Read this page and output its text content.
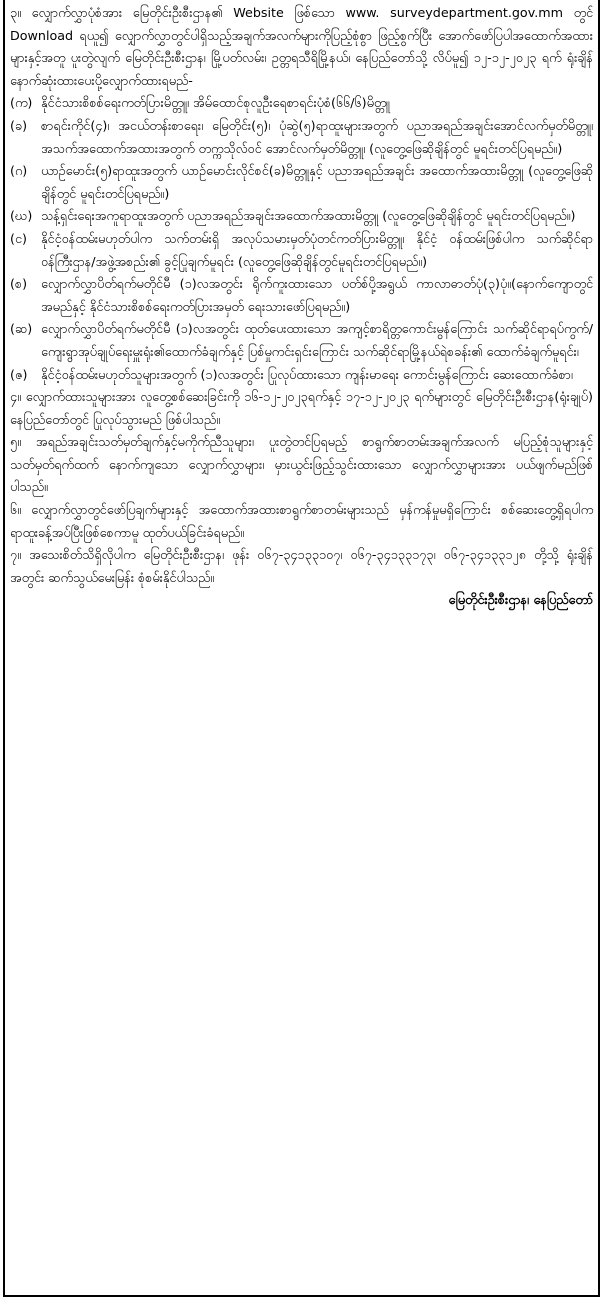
၃။ လျှောက်လွှာပုံစံအား မြေတိုင်းဦးစီးဌာန၏ Website ဖြစ်သော www. surveydepartment.gov.mm တွင် Download ရယူ၍ လျှောက်လွှာတွင်ပါရှိသည့်အချက်အလက်များကိုပြည့်စုံစွာ ဖြည့်စွက်ပြီး အောက်ဖော်ပြပါအထောက်အထားများနှင့်အတူ ပူးတွဲလျက် မြေတိုင်းဦးစီးဌာန၊ မြို့ပတ်လမ်း၊ ဥတ္တရသီရိမြို့နယ်၊ နေပြည်တော်သို့ လိပ်မူ၍ ၁၂-၁၂-၂၀၂၃ ရက် ရုံးချိန်နောက်ဆုံးထားပေးပို့လျှောက်ထားရမည်-

(က) နိုင်ငံသားစိစစ်ရေးကတ်ပြားမိတ္တူ၊ အိမ်ထောင်စုလူဦးရေစာရင်းပုံစံ(၆၆/၆)မိတ္တူ
(ခ)	စာရင်းကိုင်(၄)၊ အငယ်တန်းစာရေး၊ မြေတိုင်း(၅)၊ ပုံဆွဲ(၅)ရာထူးများအတွက် ပညာအရည်အချင်းအောင်လက်မှတ်မိတ္တူ၊ အသက်အထောက်အထားအတွက် တက္ကသိုလ်ဝင် အောင်လက်မှတ်မိတ္တူ၊ (လူတွေ့ဖြေဆိုချိန်တွင် မူရင်းတင်ပြရမည်။)
(ဂ)	ယာဉ်မောင်း(၅)ရာထူးအတွက် ယာဉ်မောင်းလိုင်စင်(ခ)မိတ္တူနှင့် ပညာအရည်အချင်း အထောက်အထားမိတ္တူ (လူတွေ့ဖြေဆိုချိန်တွင် မူရင်းတင်ပြရမည်။)
(ဃ) သန့်ရှင်းရေးအကူရာထူးအတွက် ပညာအရည်အချင်းအထောက်အထားမိတ္တူ (လူတွေ့ဖြေဆိုချိန်တွင် မူရင်းတင်ပြရမည်။)
(င)	နိုင်ငံ့ဝန်ထမ်းမဟုတ်ပါက သက်တမ်းရှိ အလုပ်သမားမှတ်ပုံတင်ကတ်ပြားမိတ္တူ၊ နိုင်ငံ့ ဝန်ထမ်းဖြစ်ပါက သက်ဆိုင်ရာဝန်ကြီးဌာန/အဖွဲ့အစည်း၏ ခွင့်ပြုချက်မူရင်း (လူတွေ့ဖြေဆိုချိန်တွင်မူရင်းတင်ပြရမည်။)
(စ)	လျှောက်လွှာပိတ်ရက်မတိုင်မီ (၁)လအတွင်း ရိုက်ကူးထားသော ပတ်စ်ပို့အရွယ် ကာလာဓာတ်ပုံ(၃)ပုံ။(နောက်ကျောတွင်အမည်နှင့် နိုင်ငံသားစိစစ်ရေးကတ်ပြားအမှတ် ရေးသားဖော်ပြရမည်။)
(ဆ) လျှောက်လွှာပိတ်ရက်မတိုင်မီ (၁)လအတွင်း ထုတ်ပေးထားသော အကျင့်စာရိတ္တကောင်းမွန်ကြောင်း သက်ဆိုင်ရာရပ်ကွက်/ကျေးရွာအုပ်ချုပ်ရေးမှူးရုံး၏ထောက်ခံချက်နှင့် ပြစ်မှုကင်းရှင်းကြောင်း သက်ဆိုင်ရာမြို့နယ်ရဲစခန်း၏ ထောက်ခံချက်မူရင်း၊
(ဇ)	နိုင်ငံ့ဝန်ထမ်းမဟုတ်သူများအတွက် (၁)လအတွင်း ပြုလုပ်ထားသော ကျန်းမာရေး ကောင်းမွန်ကြောင်း ဆေးထောက်ခံစာ၊

၄။ လျှောက်ထားသူများအား လူတွေ့စစ်ဆေးခြင်းကို ၁၆-၁၂-၂၀၂၃ရက်နှင့် ၁၇-၁၂-၂၀၂၃ ရက်များတွင် မြေတိုင်းဦးစီးဌာန(ရုံးချုပ်) နေပြည်တော်တွင် ပြုလုပ်သွားမည် ဖြစ်ပါသည်။

၅။ အရည်အချင်းသတ်မှတ်ချက်နှင့်မကိုက်ညီသူများ၊ ပူးတွဲတင်ပြရမည့် စာရွက်စာတမ်းအချက်အလက် မပြည့်စုံသူများနှင့် သတ်မှတ်ရက်ထက် နောက်ကျသော လျှောက်လွှာများ၊ မှားယွင်းဖြည့်သွင်းထားသော လျှောက်လွှာများအား ပယ်ဖျက်မည်ဖြစ်ပါသည်။

၆။ လျှောက်လွှာတွင်ဖော်ပြချက်များနှင့် အထောက်အထားစာရွက်စာတမ်းများသည် မှန်ကန်မှုမရှိကြောင်း စစ်ဆေးတွေ့ရှိရပါက ရာထူးခန့်အပ်ပြီးဖြစ်စေကာမူ ထုတ်ပယ်ခြင်းခံရမည်။

၇။ အသေးစိတ်သိရှိလိုပါက မြေတိုင်းဦးစီးဌာန၊ ဖုန်း ၀၆၇-၃၄၁၃၃၁၀၇၊ ၀၆၇-၃၄၁၃၃၁၇၃၊ ၀၆၇-၃၄၁၃၃၁၂၈ တို့သို့ ရုံးချိန်အတွင်း ဆက်သွယ်မေးမြန်း စုံစမ်းနိုင်ပါသည်။

မြေတိုင်းဦးစီးဌာန၊ နေပြည်တော်
